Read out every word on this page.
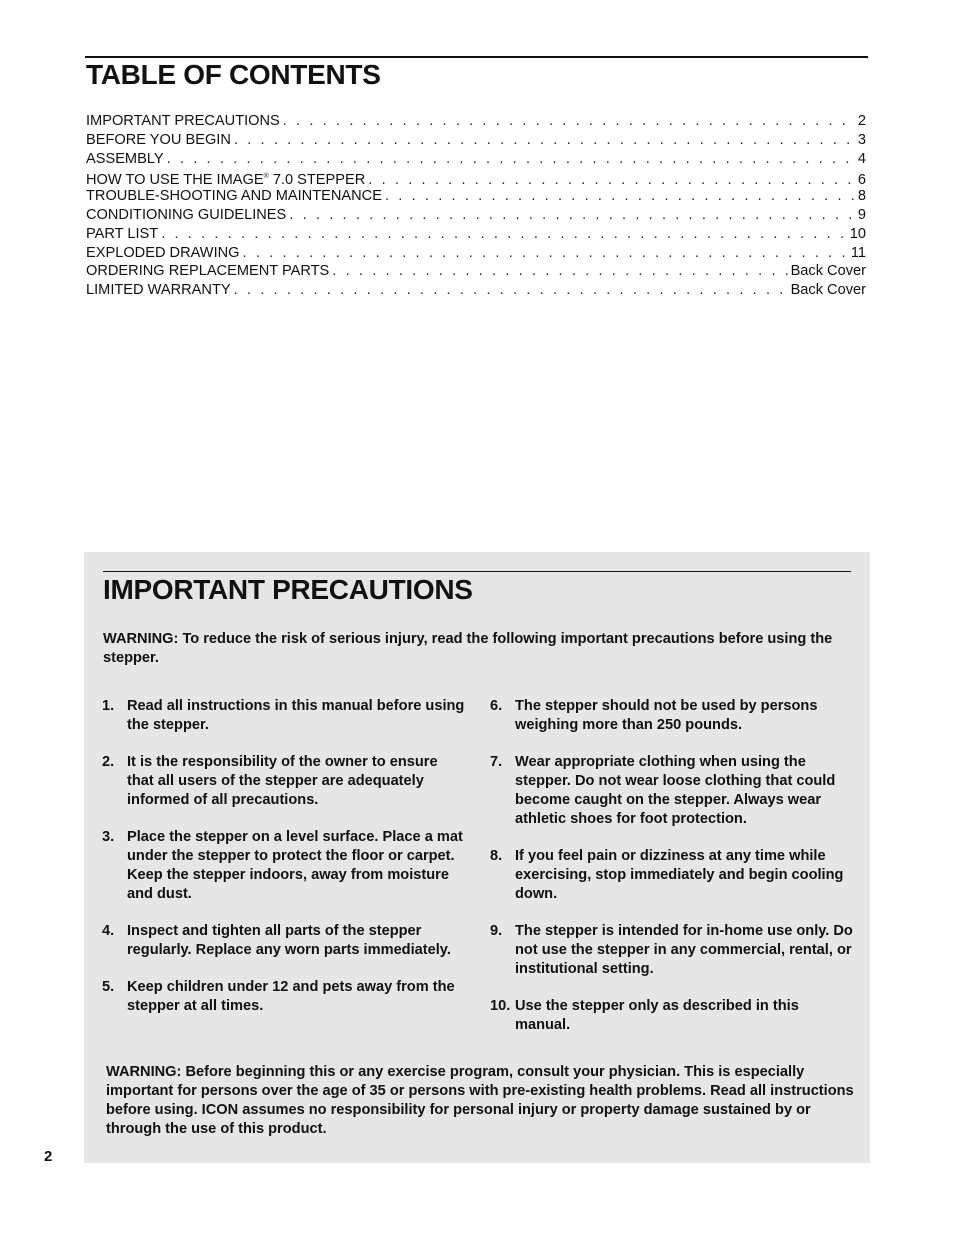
TABLE OF CONTENTS
IMPORTANT PRECAUTIONS . . .	2
BEFORE YOU BEGIN . . .	3
ASSEMBLY . . .	4
HOW TO USE THE IMAGE® 7.0 STEPPER . . .	6
TROUBLE-SHOOTING AND MAINTENANCE . . .	8
CONDITIONING GUIDELINES . . .	9
PART LIST . . .	10
EXPLODED DRAWING . . .	11
ORDERING REPLACEMENT PARTS . . .	Back Cover
LIMITED WARRANTY . . .	Back Cover
IMPORTANT PRECAUTIONS

WARNING: To reduce the risk of serious injury, read the following important precautions before using the stepper.

1. Read all instructions in this manual before using the stepper.
2. It is the responsibility of the owner to ensure that all users of the stepper are adequately informed of all precautions.
3. Place the stepper on a level surface. Place a mat under the stepper to protect the floor or carpet. Keep the stepper indoors, away from moisture and dust.
4. Inspect and tighten all parts of the stepper regularly. Replace any worn parts immediately.
5. Keep children under 12 and pets away from the stepper at all times.
6. The stepper should not be used by persons weighing more than 250 pounds.
7. Wear appropriate clothing when using the stepper. Do not wear loose clothing that could become caught on the stepper. Always wear athletic shoes for foot protection.
8. If you feel pain or dizziness at any time while exercising, stop immediately and begin cooling down.
9. The stepper is intended for in-home use only. Do not use the stepper in any commercial, rental, or institutional setting.
10. Use the stepper only as described in this manual.

WARNING: Before beginning this or any exercise program, consult your physician. This is especially important for persons over the age of 35 or persons with pre-existing health problems. Read all instructions before using. ICON assumes no responsibility for personal injury or property damage sustained by or through the use of this product.

2
